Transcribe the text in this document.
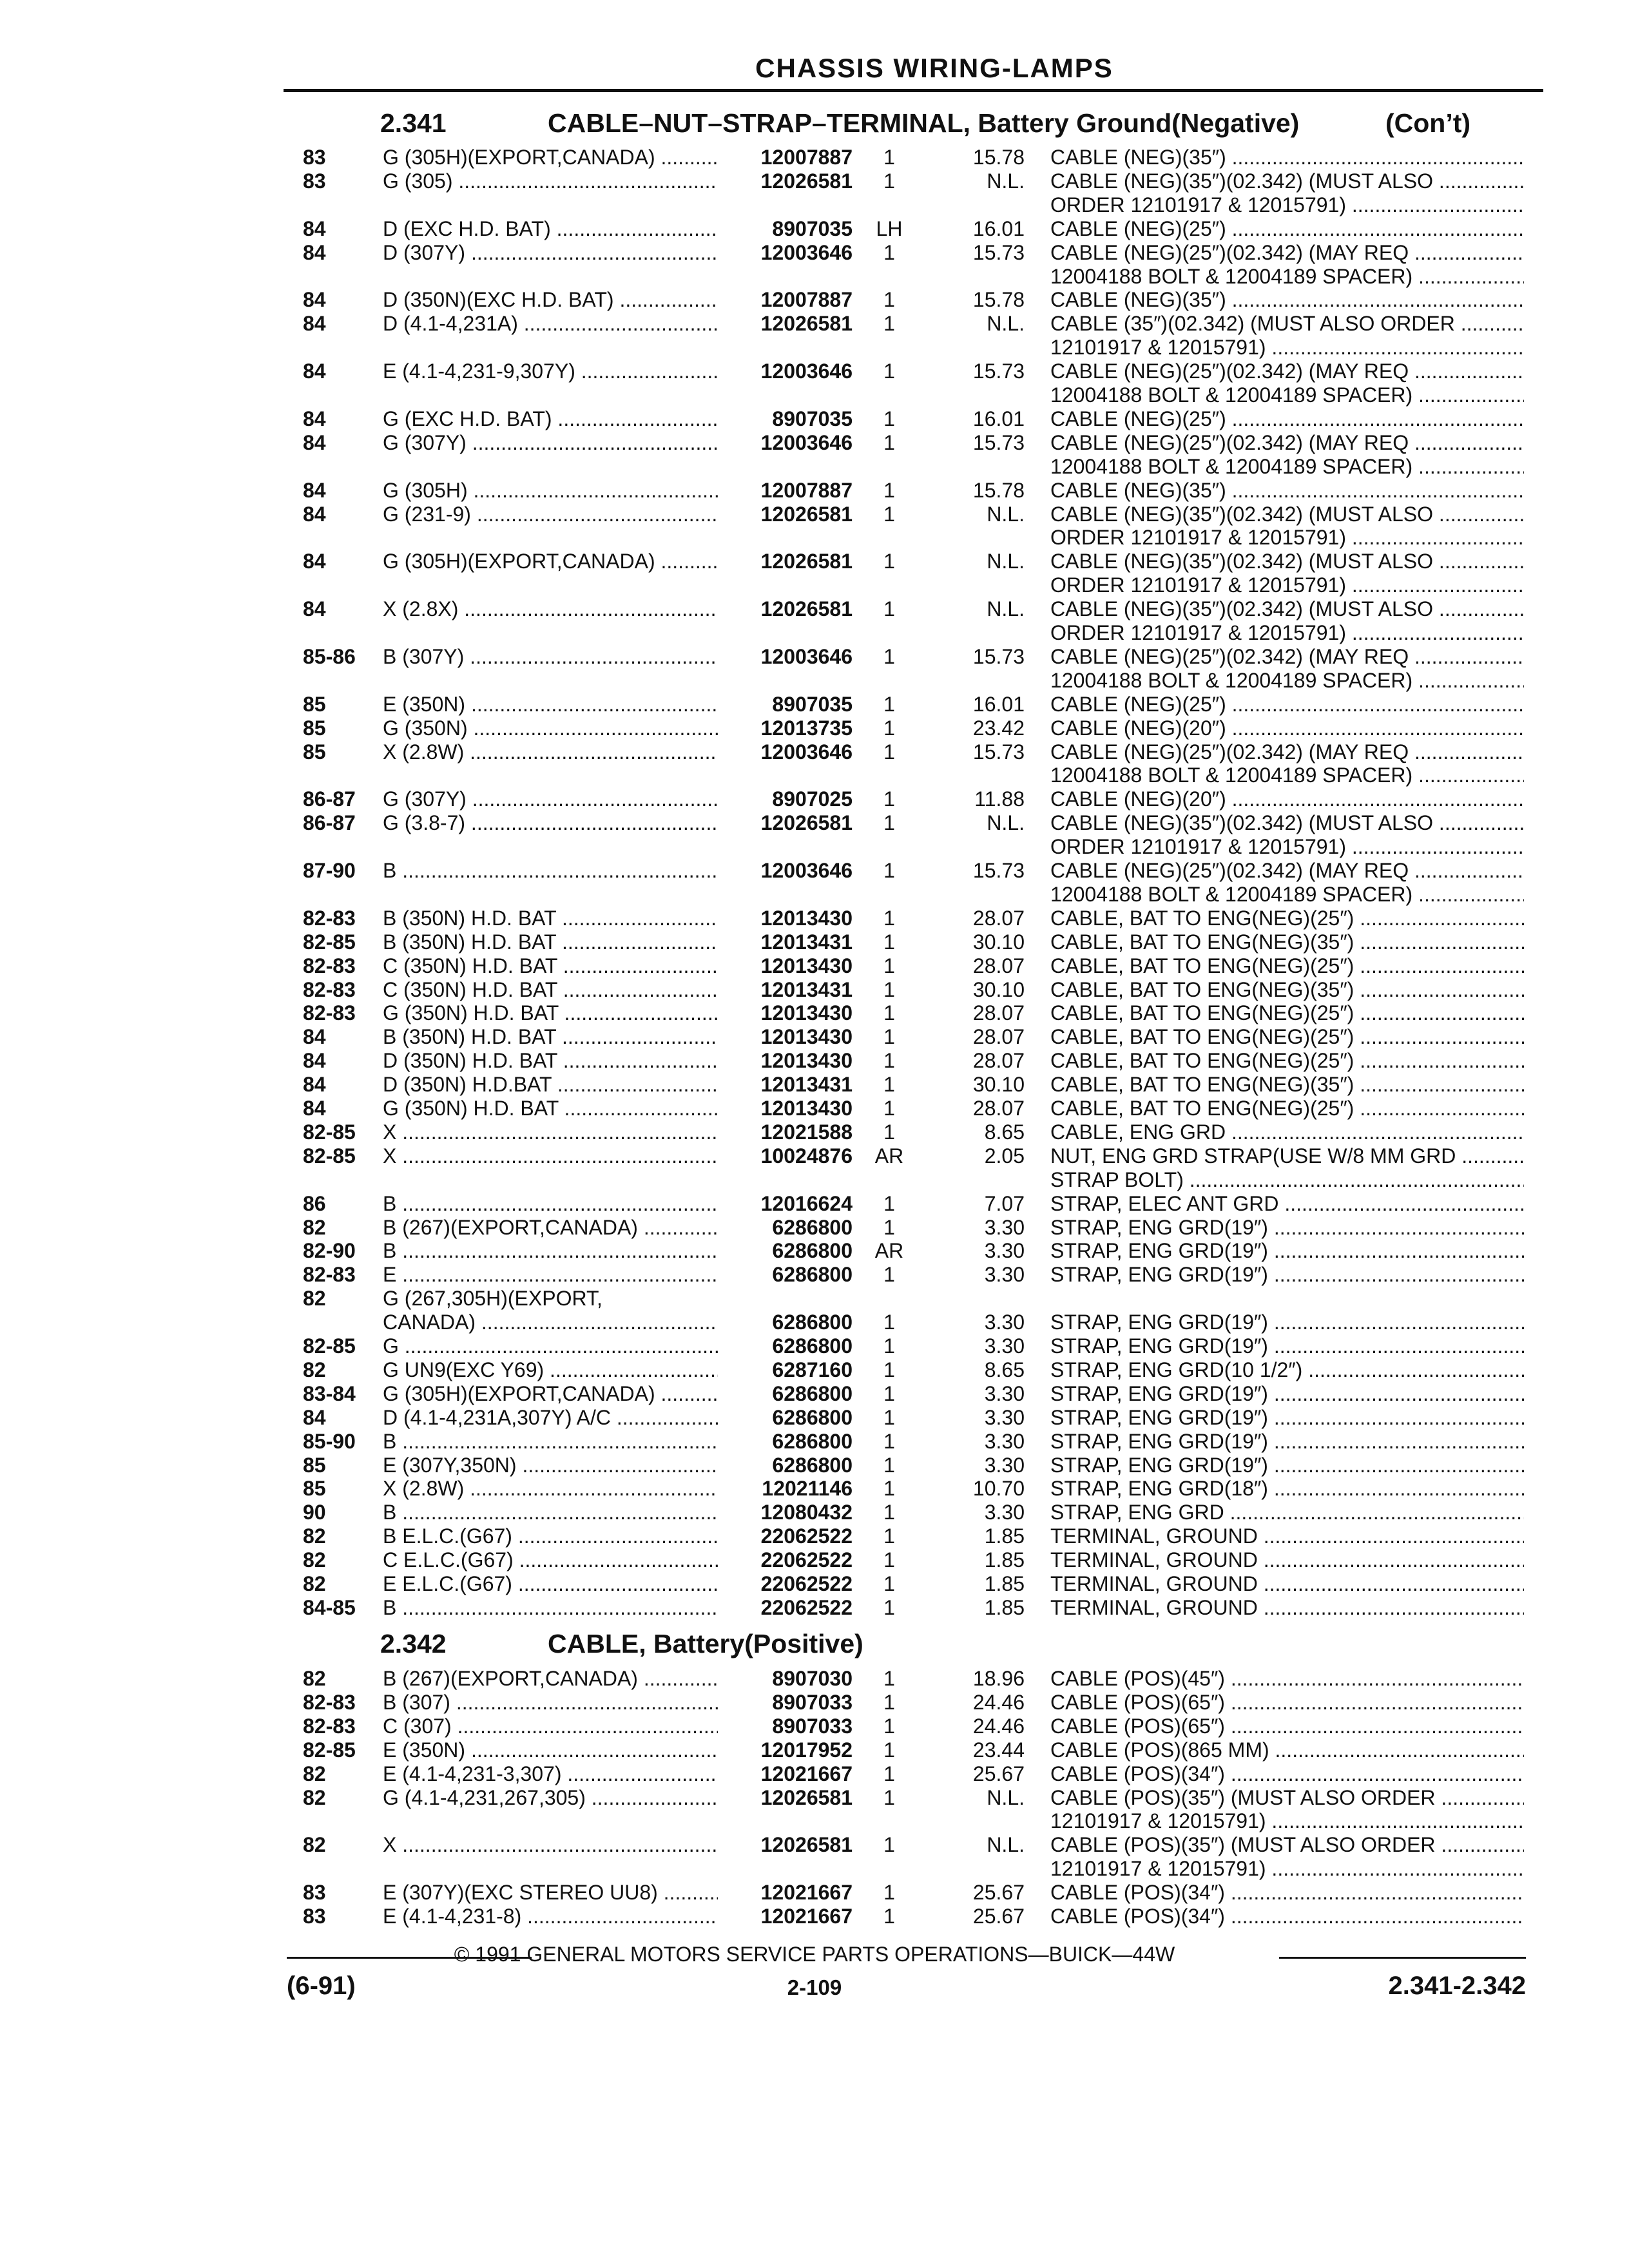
CHASSIS WIRING-LAMPS
2.341	CABLE–NUT–STRAP–TERMINAL, Battery Ground(Negative)	(Con’t)
83	G (305H)(EXPORT,CANADA) .....	12007887	1	15.78 CABLE (NEG)(35″) .....
83	G (305) .....	12026581	1	N.L. CABLE (NEG)(35″)(02.342) (MUST ALSO .....
ORDER 12101917 & 12015791) .....
84	D (EXC H.D. BAT) .....	8907035 LH	16.01 CABLE (NEG)(25″) .....
84	D (307Y) .....	12003646	1	15.73 CABLE (NEG)(25″)(02.342) (MAY REQ .....
12004188 BOLT & 12004189 SPACER) .....
84	D (350N)(EXC H.D. BAT) .....	12007887	1	15.78 CABLE (NEG)(35″) .....
84	D (4.1-4,231A) .....	12026581	1	N.L. CABLE (35″)(02.342) (MUST ALSO ORDER .....
12101917 & 12015791) .....
84	E (4.1-4,231-9,307Y) .....	12003646	1	15.73 CABLE (NEG)(25″)(02.342) (MAY REQ .....
12004188 BOLT & 12004189 SPACER) .....
84	G (EXC H.D. BAT) .....	8907035	1	16.01 CABLE (NEG)(25″) .....
84	G (307Y) .....	12003646	1	15.73 CABLE (NEG)(25″)(02.342) (MAY REQ .....
12004188 BOLT & 12004189 SPACER) .....
84	G (305H) .....	12007887	1	15.78 CABLE (NEG)(35″) .....
84	G (231-9) .....	12026581	1	N.L. CABLE (NEG)(35″)(02.342) (MUST ALSO .....
ORDER 12101917 & 12015791) .....
84	G (305H)(EXPORT,CANADA) .....	12026581	1	N.L. CABLE (NEG)(35″)(02.342) (MUST ALSO .....
ORDER 12101917 & 12015791) .....
84	X (2.8X) .....	12026581	1	N.L. CABLE (NEG)(35″)(02.342) (MUST ALSO .....
ORDER 12101917 & 12015791) .....
85-86 B (307Y) .....	12003646	1	15.73 CABLE (NEG)(25″)(02.342) (MAY REQ .....
12004188 BOLT & 12004189 SPACER) .....
85	E (350N) .....	8907035	1	16.01 CABLE (NEG)(25″) .....
85	G (350N) .....	12013735	1	23.42 CABLE (NEG)(20″) .....
85	X (2.8W) .....	12003646	1	15.73 CABLE (NEG)(25″)(02.342) (MAY REQ .....
12004188 BOLT & 12004189 SPACER) .....
86-87 G (307Y) .....	8907025	1	11.88 CABLE (NEG)(20″) .....
86-87 G (3.8-7) .....	12026581	1	N.L. CABLE (NEG)(35″)(02.342) (MUST ALSO .....
ORDER 12101917 & 12015791) .....
87-90 B .....	12003646	1	15.73 CABLE (NEG)(25″)(02.342) (MAY REQ .....
12004188 BOLT & 12004189 SPACER) .....
82-83 B (350N) H.D. BAT .....	12013430	1	28.07 CABLE, BAT TO ENG(NEG)(25″) .....
82-85 B (350N) H.D. BAT .....	12013431	1	30.10 CABLE, BAT TO ENG(NEG)(35″) .....
82-83 C (350N) H.D. BAT .....	12013430	1	28.07 CABLE, BAT TO ENG(NEG)(25″) .....
82-83 C (350N) H.D. BAT .....	12013431	1	30.10 CABLE, BAT TO ENG(NEG)(35″) .....
82-83 G (350N) H.D. BAT .....	12013430	1	28.07 CABLE, BAT TO ENG(NEG)(25″) .....
84	B (350N) H.D. BAT .....	12013430	1	28.07 CABLE, BAT TO ENG(NEG)(25″) .....
84	D (350N) H.D. BAT .....	12013430	1	28.07 CABLE, BAT TO ENG(NEG)(25″) .....
84	D (350N) H.D.BAT .....	12013431	1	30.10 CABLE, BAT TO ENG(NEG)(35″) .....
84	G (350N) H.D. BAT .....	12013430	1	28.07 CABLE, BAT TO ENG(NEG)(25″) .....
82-85 X .....	12021588	1	8.65 CABLE, ENG GRD .....
82-85 X .....	10024876 AR	2.05 NUT, ENG GRD STRAP(USE W/8 MM GRD .....
STRAP BOLT) .....
86	B .....	12016624	1	7.07 STRAP, ELEC ANT GRD .....
82	B (267)(EXPORT,CANADA) .....	6286800	1	3.30 STRAP, ENG GRD(19″) .....
82-90 B .....	6286800 AR	3.30 STRAP, ENG GRD(19″) .....
82-83 E .....	6286800	1	3.30 STRAP, ENG GRD(19″) .....
82	G (267,305H)(EXPORT,
CANADA) .....	6286800	1	3.30 STRAP, ENG GRD(19″) .....
82-85 G .....	6286800	1	3.30 STRAP, ENG GRD(19″) .....
82	G UN9(EXC Y69) .....	6287160	1	8.65 STRAP, ENG GRD(10 1/2″) .....
83-84 G (305H)(EXPORT,CANADA) .....	6286800	1	3.30 STRAP, ENG GRD(19″) .....
84	D (4.1-4,231A,307Y) A/C .....	6286800	1	3.30 STRAP, ENG GRD(19″) .....
85-90 B .....	6286800	1	3.30 STRAP, ENG GRD(19″) .....
85	E (307Y,350N) .....	6286800	1	3.30 STRAP, ENG GRD(19″) .....
85	X (2.8W) .....	12021146	1	10.70 STRAP, ENG GRD(18″) .....
90	B .....	12080432	1	3.30 STRAP, ENG GRD .....
82	B E.L.C.(G67) .....	22062522	1	1.85 TERMINAL, GROUND .....
82	C E.L.C.(G67) .....	22062522	1	1.85 TERMINAL, GROUND .....
82	E E.L.C.(G67) .....	22062522	1	1.85 TERMINAL, GROUND .....
84-85 B .....	22062522	1	1.85 TERMINAL, GROUND .....
2.342	CABLE, Battery(Positive)
82	B (267)(EXPORT,CANADA) .....	8907030	1	18.96 CABLE (POS)(45″) .....
82-83 B (307) .....	8907033	1	24.46 CABLE (POS)(65″) .....
82-83 C (307) .....	8907033	1	24.46 CABLE (POS)(65″) .....
82-85 E (350N) .....	12017952	1	23.44 CABLE (POS)(865 MM) .....
82	E (4.1-4,231-3,307) .....	12021667	1	25.67 CABLE (POS)(34″) .....
82	G (4.1-4,231,267,305) .....	12026581	1	N.L. CABLE (POS)(35″) (MUST ALSO ORDER .....
12101917 & 12015791) .....
82	X .....	12026581	1	N.L. CABLE (POS)(35″) (MUST ALSO ORDER .....
12101917 & 12015791) .....
83	E (307Y)(EXC STEREO UU8) .....	12021667	1	25.67 CABLE (POS)(34″) .....
83	E (4.1-4,231-8) .....	12021667	1	25.67 CABLE (POS)(34″) .....
© 1991 GENERAL MOTORS SERVICE PARTS OPERATIONS—BUICK—44W
(6-91)	2-109	2.341-2.342
